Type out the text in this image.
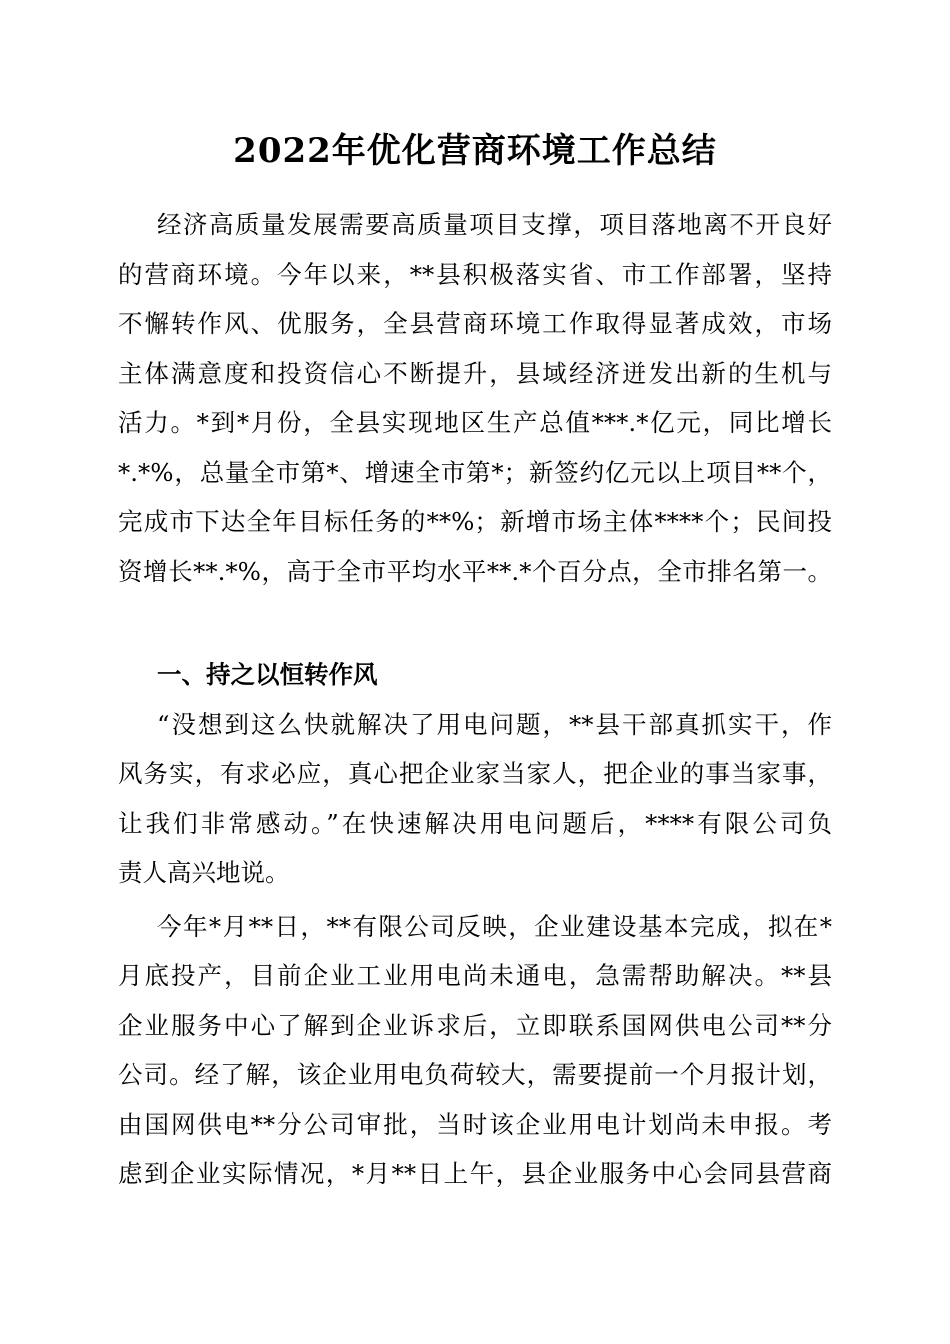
2022年优化营商环境工作总结
经济高质量发展需要高质量项目支撑，项目落地离不开良好
的营商环境。今年以来，**县积极落实省、市工作部署，坚持
不懈转作风、优服务，全县营商环境工作取得显著成效，市场
主体满意度和投资信心不断提升，县域经济迸发出新的生机与
活力。*到*月份，全县实现地区生产总值***.*亿元，同比增长
*.*%，总量全市第*、增速全市第*；新签约亿元以上项目**个，
完成市下达全年目标任务的**%；新增市场主体****个；民间投
资增长**.*%，高于全市平均水平**.*个百分点，全市排名第一。
一、持之以恒转作风
“没想到这么快就解决了用电问题，**县干部真抓实干，作
风务实，有求必应，真心把企业家当家人，把企业的事当家事，
让我们非常感动。”在快速解决用电问题后，****有限公司负
责人高兴地说。
今年*月**日，**有限公司反映，企业建设基本完成，拟在*
月底投产，目前企业工业用电尚未通电，急需帮助解决。**县
企业服务中心了解到企业诉求后，立即联系国网供电公司**分
公司。经了解，该企业用电负荷较大，需要提前一个月报计划，
由国网供电**分公司审批，当时该企业用电计划尚未申报。考
虑到企业实际情况，*月**日上午，县企业服务中心会同县营商
